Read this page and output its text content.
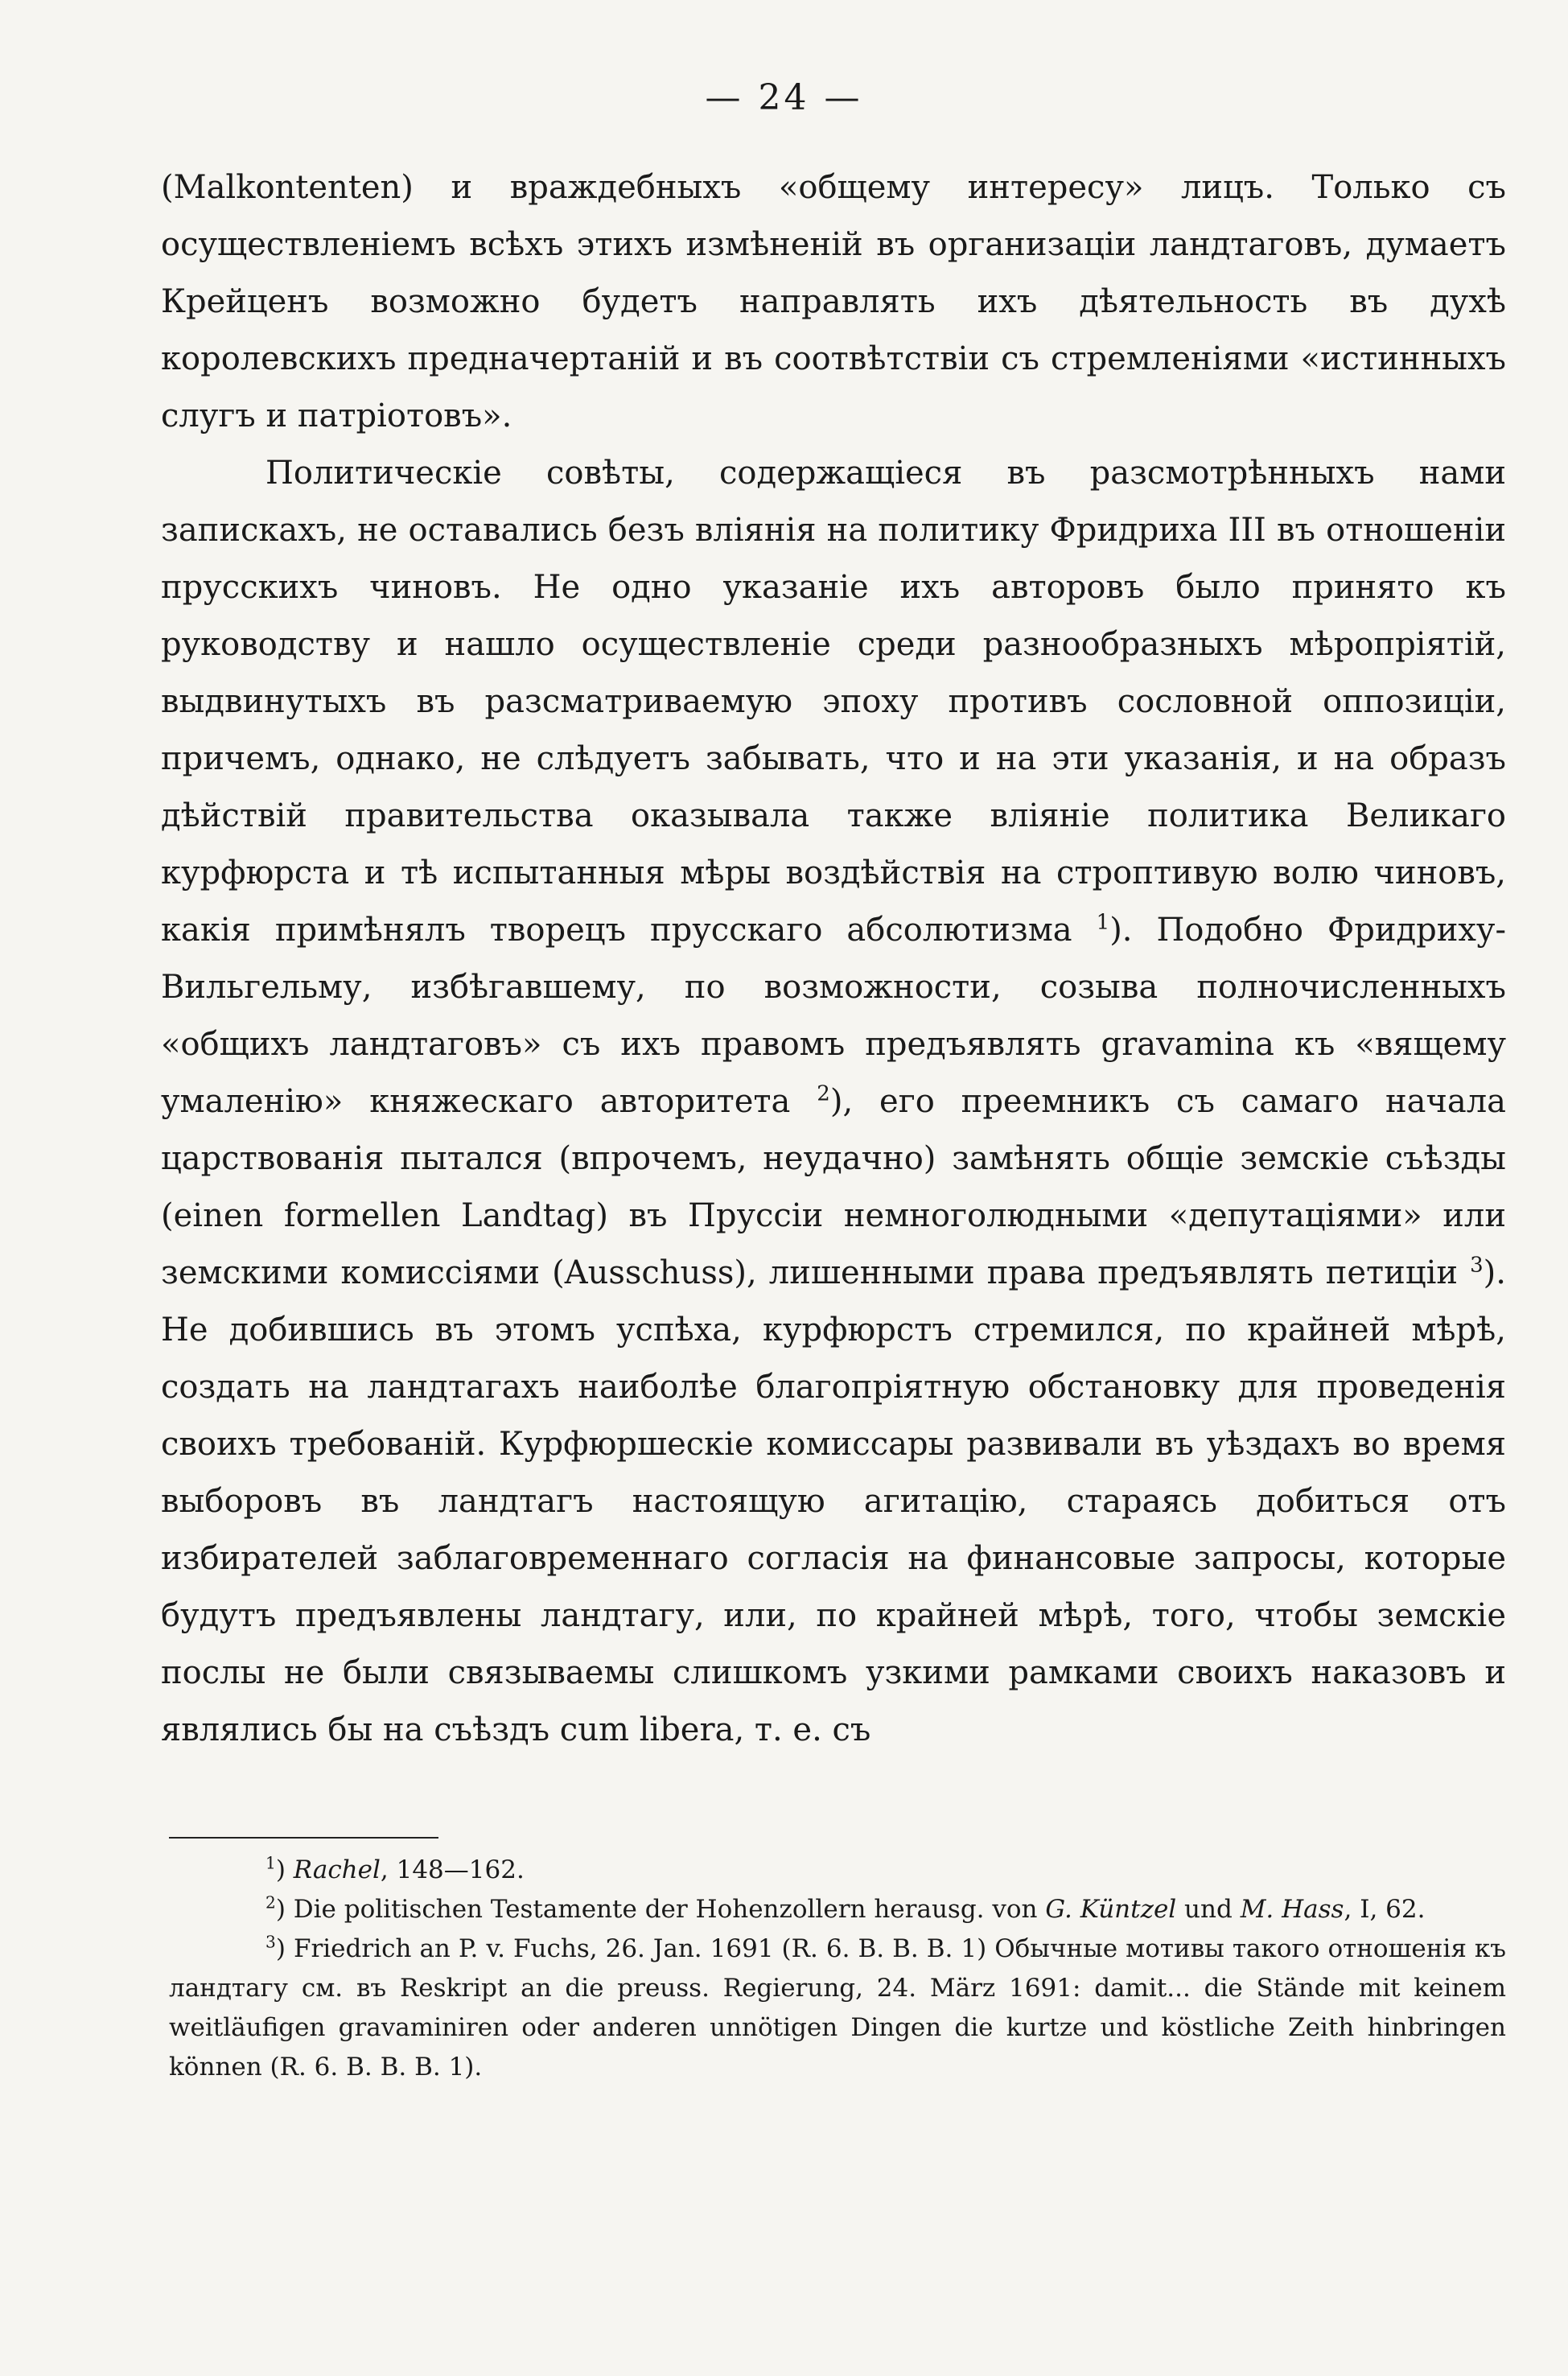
— 24 —

(Malkontenten) и враждебныхъ «общему интересу» лицъ. Только съ осуществленіемъ всѣхъ этихъ измѣненій въ организаціи ландтаговъ, думаетъ Крейценъ возможно будетъ направлять ихъ дѣятельность въ духѣ королевскихъ предначертаній и въ соотвѣтствіи съ стремленіями «истинныхъ слугъ и патріотовъ».

Политическіе совѣты, содержащіеся въ разсмотрѣнныхъ нами запискахъ, не оставались безъ вліянія на политику Фридриха III въ отношеніи прусскихъ чиновъ. Не одно указаніе ихъ авторовъ было принято къ руководству и нашло осуществленіе среди разнообразныхъ мѣропріятій, выдвинутыхъ въ разсматриваемую эпоху противъ сословной оппозиціи, причемъ, однако, не слѣдуетъ забывать, что и на эти указанія, и на образъ дѣйствій правительства оказывала также вліяніе политика Великаго курфюрста и тѣ испытанныя мѣры воздѣйствія на строптивую волю чиновъ, какія примѣнялъ творецъ прусскаго абсолютизма $^1$). Подобно Фридриху-Вильгельму, избѣгавшему, по возможности, созыва полночисленныхъ «общихъ ландтаговъ» съ ихъ правомъ предъявлять gravamina къ «вящему умаленію» княжескаго авторитета $^2$), его преемникъ съ самаго начала царствованія пытался (впрочемъ, неудачно) замѣнять общіе земскіе съѣзды (einen formellen Landtag) въ Пруссіи немноголюдными «депутаціями» или земскими комиссіями (Ausschuss), лишенными права предъявлять петиціи $^3$). Не добившись въ этомъ успѣха, курфюрстъ стремился, по крайней мѣрѣ, создать на ландтагахъ наиболѣе благопріятную обстановку для проведенія своихъ требованій. Курфюршескіе комиссары развивали въ уѣздахъ во время выборовъ въ ландтагъ настоящую агитацію, стараясь добиться отъ избирателей заблаговременнаго согласія на финансовые запросы, которые будутъ предъявлены ландтагу, или, по крайней мѣрѣ, того, чтобы земскіе послы не были связываемы слишкомъ узкими рамками своихъ наказовъ и являлись бы на съѣздъ cum libera, т. е. съ

$^1$) Rachel, 148—162.

$^2$) Die politischen Testamente der Hohenzollern herausg. von G. Küntzel und M. Hass, I, 62.

$^3$) Friedrich an P. v. Fuchs, 26. Jan. 1691 (R. 6. B. B. B. 1) Обычные мотивы такого отношенія къ ландтагу см. въ Reskript an die preuss. Regierung, 24. März 1691: damit... die Stände mit keinem weitläufigen gravaminiren oder anderen unnötigen Dingen die kurtze und köstliche Zeith hinbringen können (R. 6. B. B. B. 1).
